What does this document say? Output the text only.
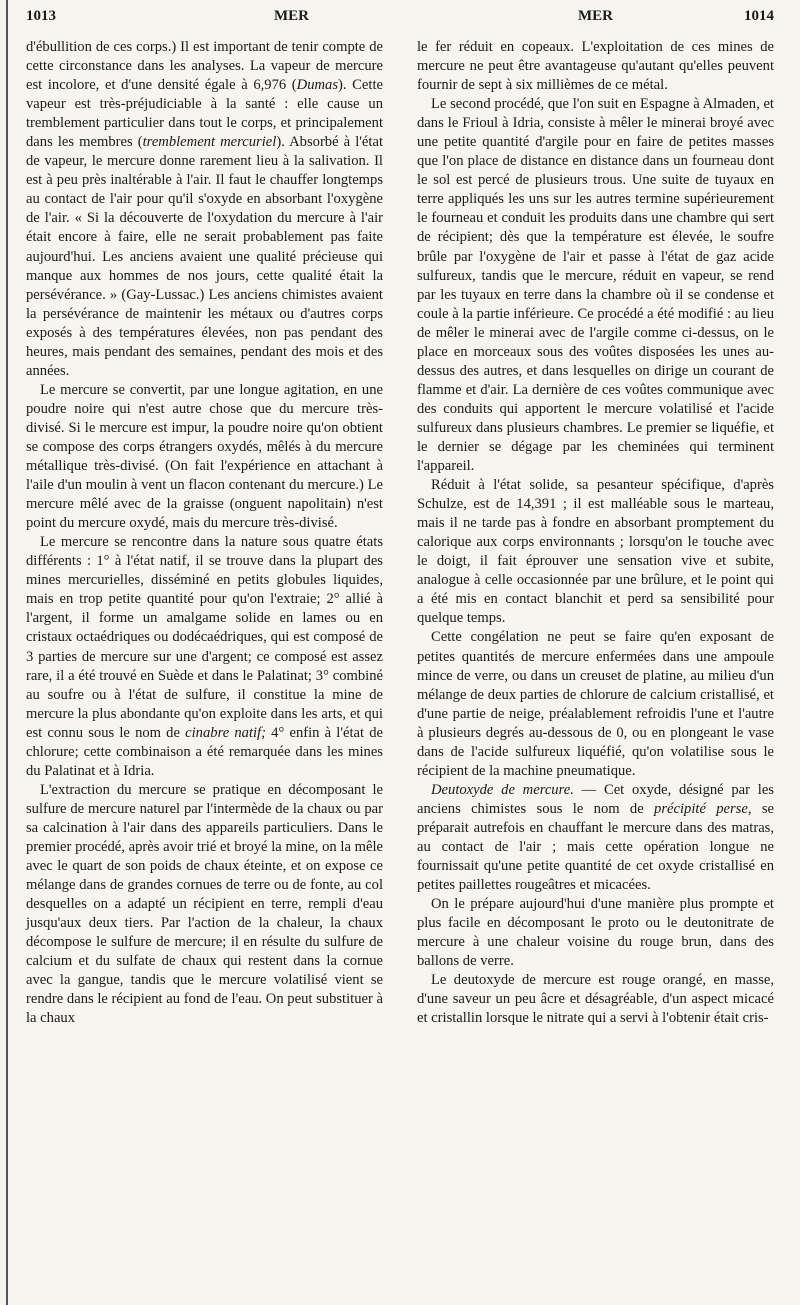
1013	MER	MER	1014

d'ébullition de ces corps.) Il est important de tenir compte de cette circonstance dans les analyses. La vapeur de mercure est incolore, et d'une densité égale à 6,976 (Dumas). Cette vapeur est très-préjudiciable à la santé : elle cause un tremblement particulier dans tout le corps, et principalement dans les membres (tremblement mercuriel). Absorbé à l'état de vapeur, le mercure donne rarement lieu à la salivation. Il est à peu près inaltérable à l'air. Il faut le chauffer longtemps au contact de l'air pour qu'il s'oxyde en absorbant l'oxygène de l'air. « Si la découverte de l'oxydation du mercure à l'air était encore à faire, elle ne serait probablement pas faite aujourd'hui. Les anciens avaient une qualité précieuse qui manque aux hommes de nos jours, cette qualité était la persévérance. » (Gay-Lussac.) Les anciens chimistes avaient la persévérance de maintenir les métaux ou d'autres corps exposés à des températures élevées, non pas pendant des heures, mais pendant des semaines, pendant des mois et des années.

Le mercure se convertit, par une longue agitation, en une poudre noire qui n'est autre chose que du mercure très-divisé. Si le mercure est impur, la poudre noire qu'on obtient se compose des corps étrangers oxydés, mêlés à du mercure métallique très-divisé. (On fait l'expérience en attachant à l'aile d'un moulin à vent un flacon contenant du mercure.) Le mercure mêlé avec de la graisse (onguent napolitain) n'est point du mercure oxydé, mais du mercure très-divisé.

Le mercure se rencontre dans la nature sous quatre états différents : 1° à l'état natif, il se trouve dans la plupart des mines mercurielles, disséminé en petits globules liquides, mais en trop petite quantité pour qu'on l'extraie; 2° allié à l'argent, il forme un amalgame solide en lames ou en cristaux octaédriques ou dodécaédriques, qui est composé de 3 parties de mercure sur une d'argent; ce composé est assez rare, il a été trouvé en Suède et dans le Palatinat; 3° combiné au soufre ou à l'état de sulfure, il constitue la mine de mercure la plus abondante qu'on exploite dans les arts, et qui est connu sous le nom de cinabre natif; 4° enfin à l'état de chlorure; cette combinaison a été remarquée dans les mines du Palatinat et à Idria.

L'extraction du mercure se pratique en décomposant le sulfure de mercure naturel par l'intermède de la chaux ou par sa calcination à l'air dans des appareils particuliers. Dans le premier procédé, après avoir trié et broyé la mine, on la mêle avec le quart de son poids de chaux éteinte, et on expose ce mélange dans de grandes cornues de terre ou de fonte, au col desquelles on a adapté un récipient en terre, rempli d'eau jusqu'aux deux tiers. Par l'action de la chaleur, la chaux décompose le sulfure de mercure; il en résulte du sulfure de calcium et du sulfate de chaux qui restent dans la cornue avec la gangue, tandis que le mercure volatilisé vient se rendre dans le récipient au fond de l'eau. On peut substituer à la chaux

le fer réduit en copeaux. L'exploitation de ces mines de mercure ne peut être avantageuse qu'autant qu'elles peuvent fournir de sept à six millièmes de ce métal.

Le second procédé, que l'on suit en Espagne à Almaden, et dans le Frioul à Idria, consiste à mêler le minerai broyé avec une petite quantité d'argile pour en faire de petites masses que l'on place de distance en distance dans un fourneau dont le sol est percé de plusieurs trous. Une suite de tuyaux en terre appliqués les uns sur les autres termine supérieurement le fourneau et conduit les produits dans une chambre qui sert de récipient; dès que la température est élevée, le soufre brûle par l'oxygène de l'air et passe à l'état de gaz acide sulfureux, tandis que le mercure, réduit en vapeur, se rend par les tuyaux en terre dans la chambre où il se condense et coule à la partie inférieure. Ce procédé a été modifié : au lieu de mêler le minerai avec de l'argile comme ci-dessus, on le place en morceaux sous des voûtes disposées les unes au-dessus des autres, et dans lesquelles on dirige un courant de flamme et d'air. La dernière de ces voûtes communique avec des conduits qui apportent le mercure volatilisé et l'acide sulfureux dans plusieurs chambres. Le premier se liquéfie, et le dernier se dégage par les cheminées qui terminent l'appareil.

Réduit à l'état solide, sa pesanteur spécifique, d'après Schulze, est de 14,391 ; il est malléable sous le marteau, mais il ne tarde pas à fondre en absorbant promptement du calorique aux corps environnants ; lorsqu'on le touche avec le doigt, il fait éprouver une sensation vive et subite, analogue à celle occasionnée par une brûlure, et le point qui a été mis en contact blanchit et perd sa sensibilité pour quelque temps.

Cette congélation ne peut se faire qu'en exposant de petites quantités de mercure enfermées dans une ampoule mince de verre, ou dans un creuset de platine, au milieu d'un mélange de deux parties de chlorure de calcium cristallisé, et d'une partie de neige, préalablement refroidis l'une et l'autre à plusieurs degrés au-dessous de 0, ou en plongeant le vase dans de l'acide sulfureux liquéfié, qu'on volatilise sous le récipient de la machine pneumatique.

Deutoxyde de mercure. — Cet oxyde, désigné par les anciens chimistes sous le nom de précipité perse, se préparait autrefois en chauffant le mercure dans des matras, au contact de l'air ; mais cette opération longue ne fournissait qu'une petite quantité de cet oxyde cristallisé en petites paillettes rougeâtres et micacées.

On le prépare aujourd'hui d'une manière plus prompte et plus facile en décomposant le proto ou le deutonitrate de mercure à une chaleur voisine du rouge brun, dans des ballons de verre.

Le deutoxyde de mercure est rouge orangé, en masse, d'une saveur un peu âcre et désagréable, d'un aspect micacé et cristallin lorsque le nitrate qui a servi à l'obtenir était cris-
